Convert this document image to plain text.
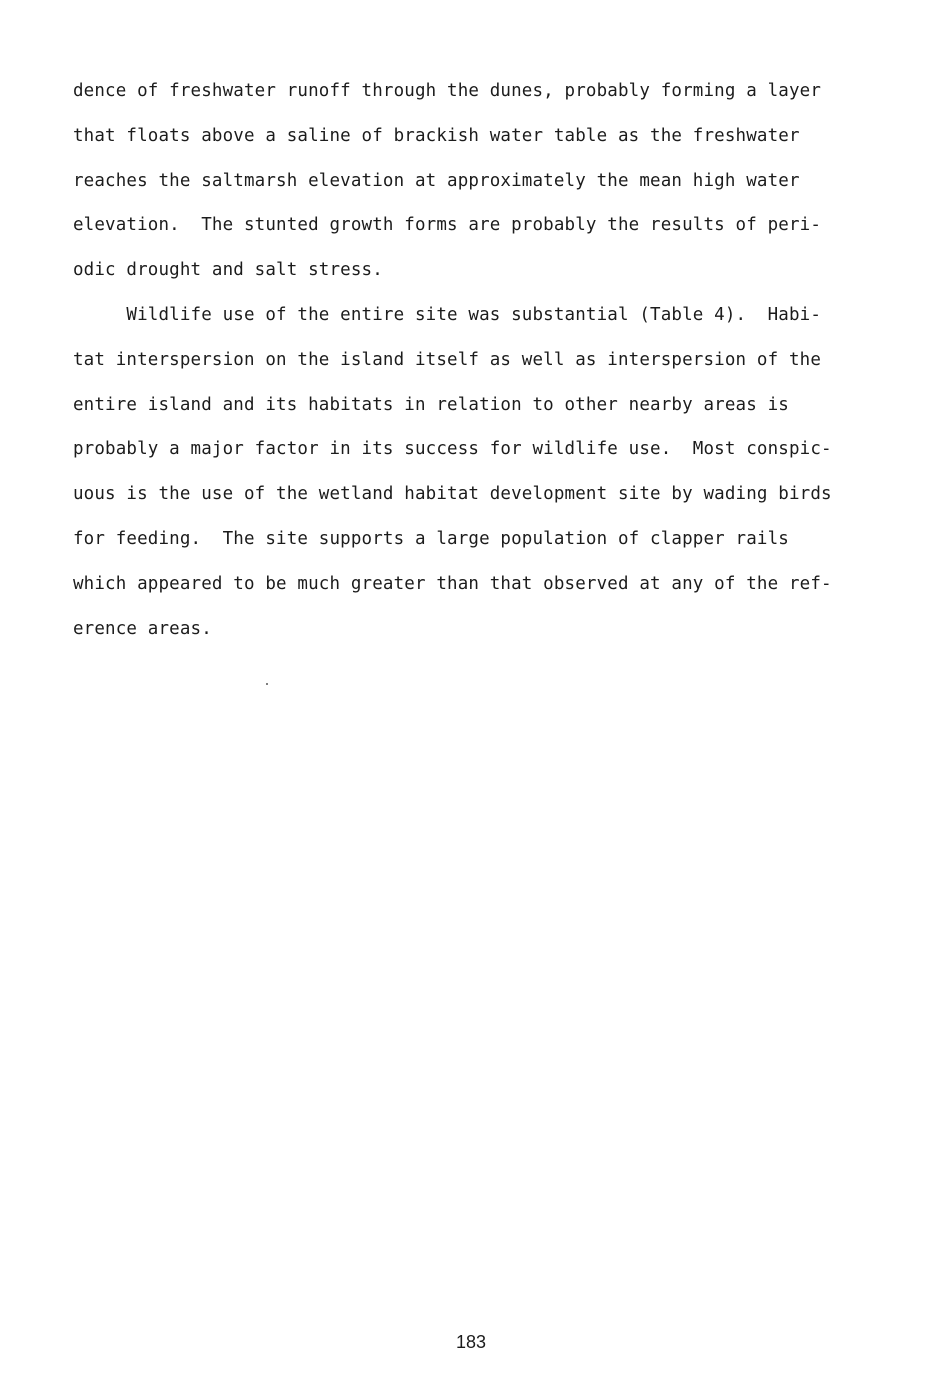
dence of freshwater runoff through the dunes, probably forming a layer
that floats above a saline of brackish water table as the freshwater
reaches the saltmarsh elevation at approximately the mean high water
elevation.  The stunted growth forms are probably the results of peri-
odic drought and salt stress.
Wildlife use of the entire site was substantial (Table 4).  Habi-
tat interspersion on the island itself as well as interspersion of the
entire island and its habitats in relation to other nearby areas is
probably a major factor in its success for wildlife use.  Most conspic-
uous is the use of the wetland habitat development site by wading birds
for feeding.  The site supports a large population of clapper rails
which appeared to be much greater than that observed at any of the ref-
erence areas.
183
